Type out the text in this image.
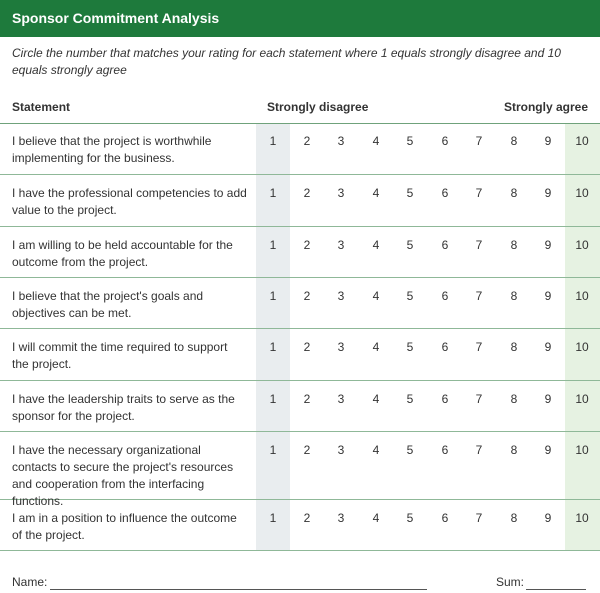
Sponsor Commitment Analysis
Circle the number that matches your rating for each statement where 1 equals strongly disagree and 10 equals strongly agree
Statement	Strongly disagree	Strongly agree
I believe that the project is worthwhile implementing for the business.
1	2	3	4	5	6	7	8	9	10
I have the professional competencies to add value to the project.
1	2	3	4	5	6	7	8	9	10
I am willing to be held accountable for the outcome from the project.
1	2	3	4	5	6	7	8	9	10
I believe that the project's goals and objectives can be met.
1	2	3	4	5	6	7	8	9	10
I will commit the time required to support the project.
1	2	3	4	5	6	7	8	9	10
I have the leadership traits to serve as the sponsor for the project.
1	2	3	4	5	6	7	8	9	10
I have the necessary organizational contacts to secure the project's resources and cooperation from the interfacing functions.
1	2	3	4	5	6	7	8	9	10
I am in a position to influence the outcome of the project.
1	2	3	4	5	6	7	8	9	10
Name:	Sum:
